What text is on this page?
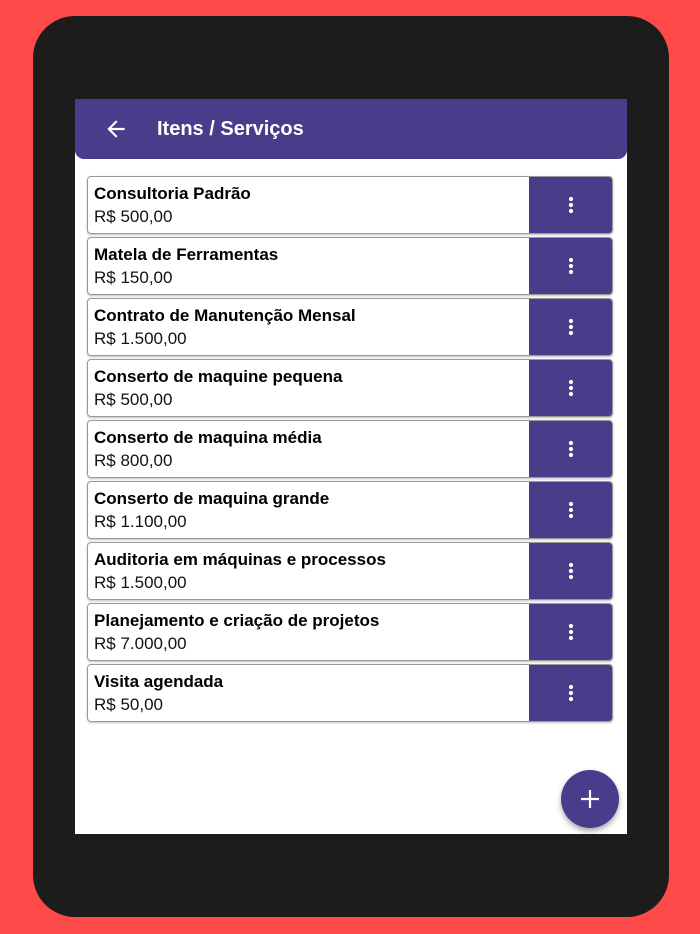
Itens / Serviços
Consultoria Padrão
R$ 500,00
Matela de Ferramentas
R$ 150,00
Contrato de Manutenção Mensal
R$ 1.500,00
Conserto de maquine pequena
R$ 500,00
Conserto de maquina média
R$ 800,00
Conserto de maquina grande
R$ 1.100,00
Auditoria em máquinas e processos
R$ 1.500,00
Planejamento e criação de projetos
R$ 7.000,00
Visita agendada
R$ 50,00
